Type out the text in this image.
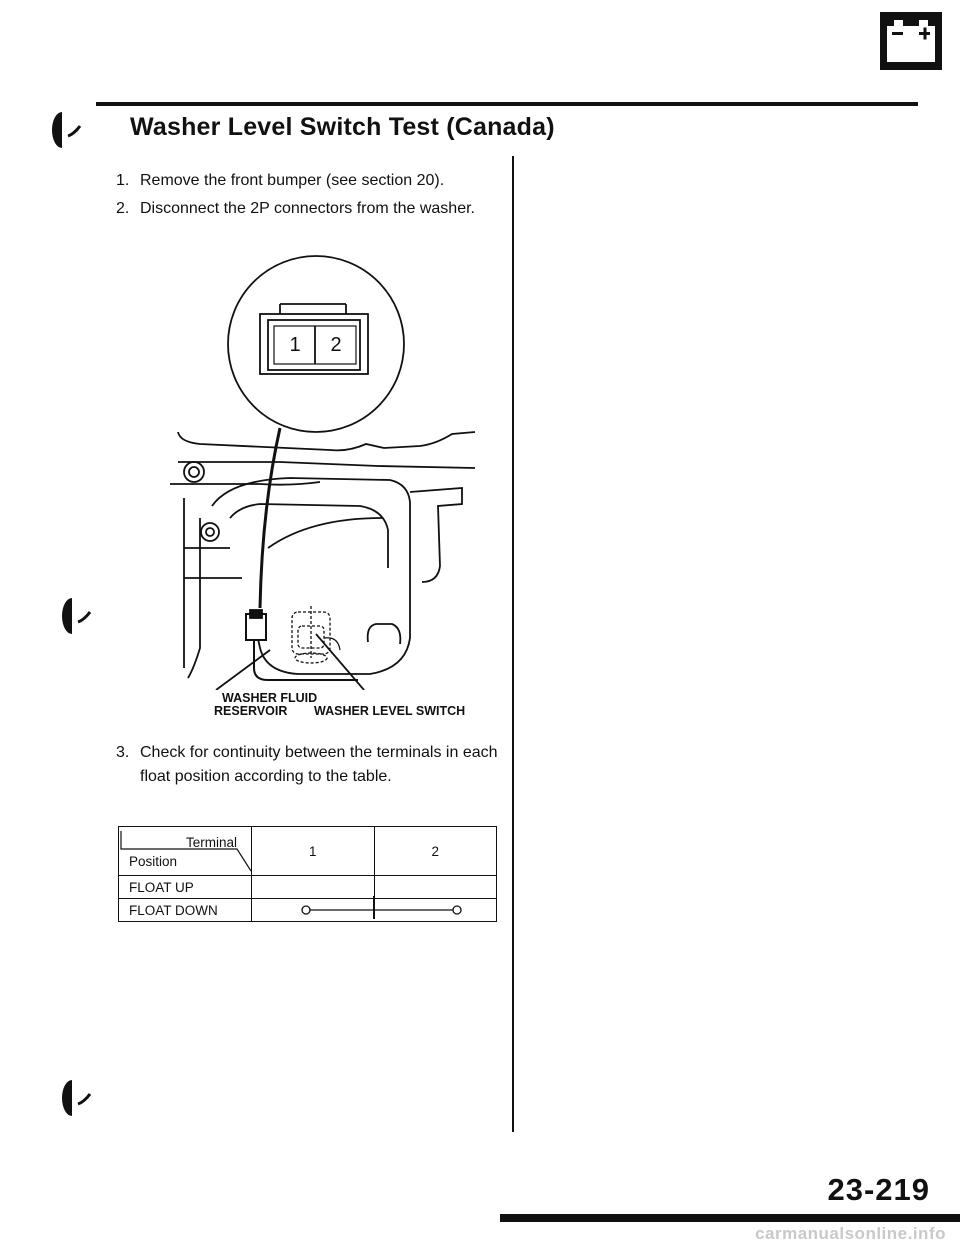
Washer Level Switch Test (Canada)
1. Remove the front bumper (see section 20).
2. Disconnect the 2P connectors from the washer.
1 2
WASHER FLUID
RESERVOIR	WASHER LEVEL SWITCH
3. Check for continuity between the terminals in each
float position according to the table.
Terminal
Position	1	2
FLOAT UP		
FLOAT DOWN	
23-219
carmanualsonline.info
